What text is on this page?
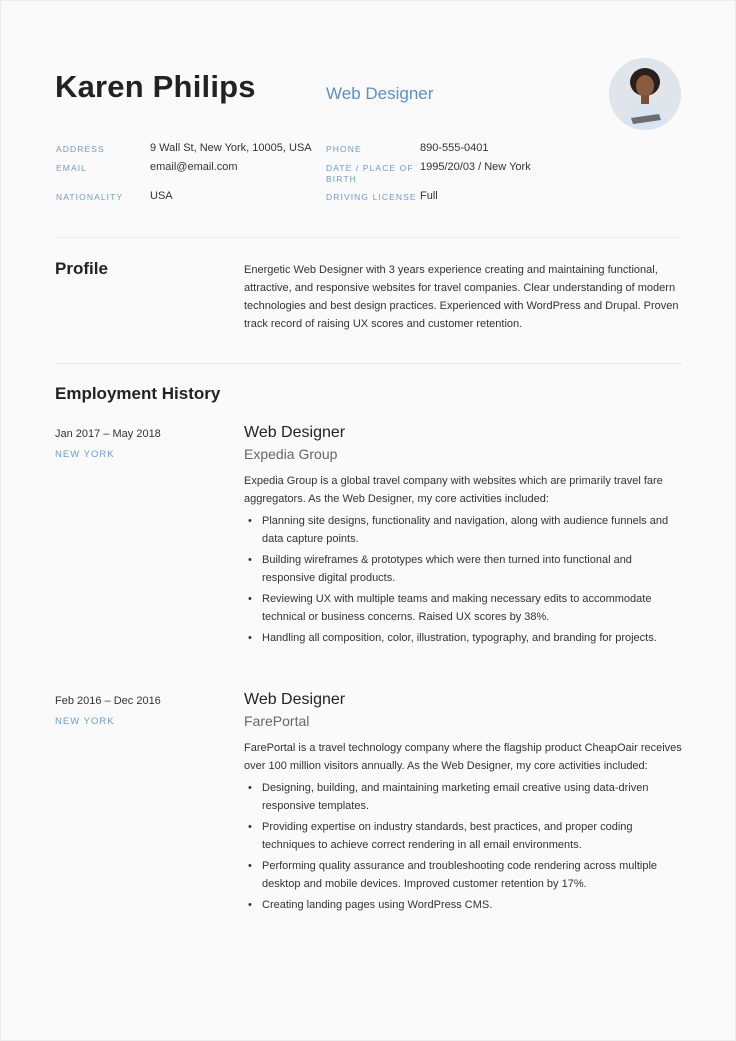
Karen Philips	Web Designer
ADDRESS	9 Wall St, New York, 10005, USA
EMAIL	email@email.com
NATIONALITY USA
PHONE	890-555-0401
DATE / PLACE OF
BIRTH
1995/20/03 / New York
DRIVING LICENSE Full
Profile	Energetic Web Designer with 3 years experience creating and maintaining functional, attractive, and responsive websites for travel companies. Clear understanding of modern technologies and best design practices. Experienced with WordPress and Drupal. Proven track record of raising UX scores and customer retention.
Employment History
Jan 2017 – May 2018
NEW YORK
Web Designer
Expedia Group
Expedia Group is a global travel company with websites which are primarily travel fare aggregators. As the Web Designer, my core activities included:
• Planning site designs, functionality and navigation, along with audience funnels and data capture points.
• Building wireframes & prototypes which were then turned into functional and responsive digital products.
• Reviewing UX with multiple teams and making necessary edits to accommodate technical or business concerns. Raised UX scores by 38%.
• Handling all composition, color, illustration, typography, and branding for projects.
Feb 2016 – Dec 2016
NEW YORK
Web Designer
FarePortal
FarePortal is a travel technology company where the flagship product CheapOair receives over 100 million visitors annually. As the Web Designer, my core activities included:
• Designing, building, and maintaining marketing email creative using data-driven responsive templates.
• Providing expertise on industry standards, best practices, and proper coding techniques to achieve correct rendering in all email environments.
• Performing quality assurance and troubleshooting code rendering across multiple desktop and mobile devices. Improved customer retention by 17%.
• Creating landing pages using WordPress CMS.
